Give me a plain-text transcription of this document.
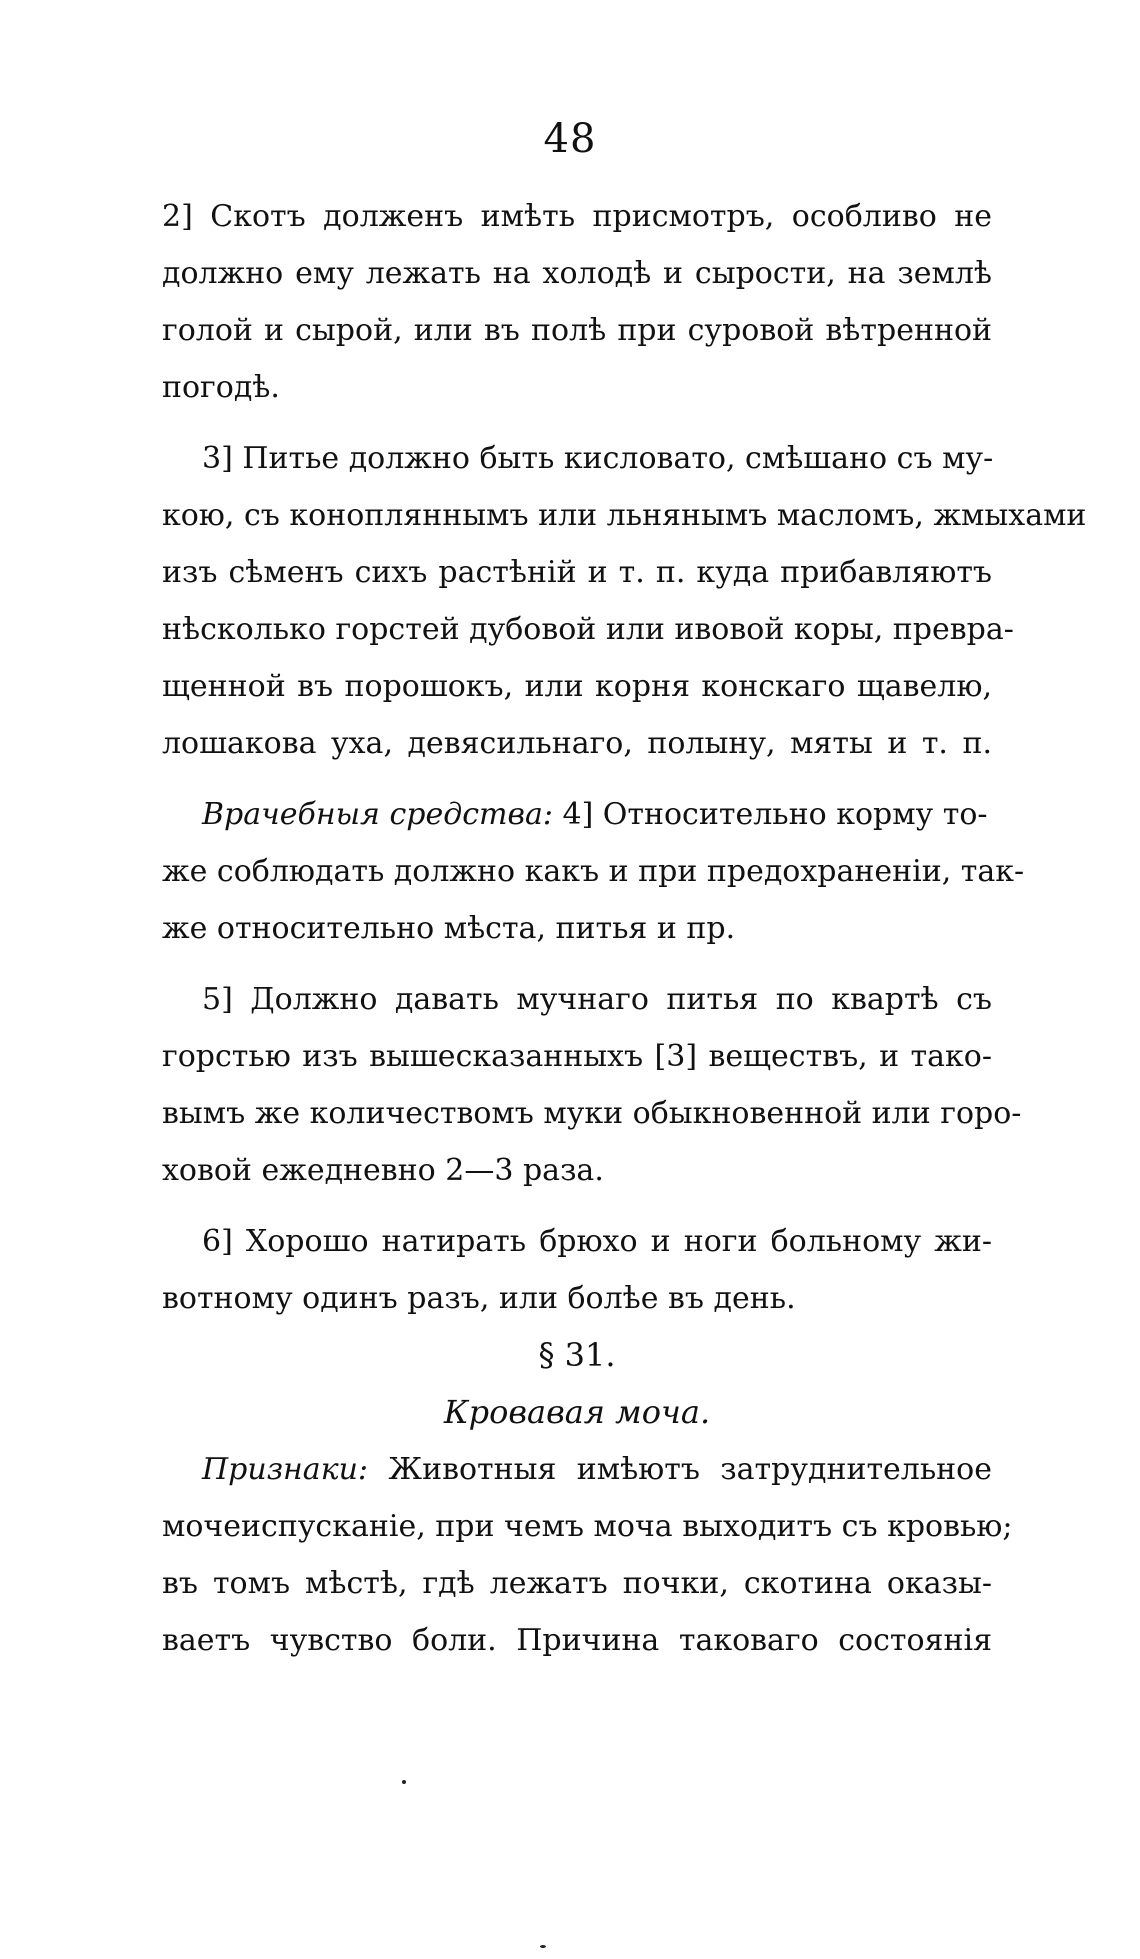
48
2] Скотъ долженъ имѣть присмотръ, особливо не
должно ему лежать на холодѣ и сырости, на землѣ
голой и сырой, или въ полѣ при суровой вѣтренной
погодѣ.
3] Питье должно быть кисловато, смѣшано съ му-
кою, съ конопляннымъ или льнянымъ масломъ, жмыхами
изъ сѣменъ сихъ растѣній и т. п. куда прибавляютъ
нѣсколько горстей дубовой или ивовой коры, превра-
щенной въ порошокъ, или корня конскаго щавелю,
лошакова уха, девясильнаго, полыну, мяты и т. п.
Врачебныя средства: 4] Относительно корму то-
же соблюдать должно какъ и при предохраненіи, так-
же относительно мѣста, питья и пр.
5] Должно давать мучнаго питья по квартѣ съ
горстью изъ вышесказанныхъ [3] веществъ, и тако-
вымъ же количествомъ муки обыкновенной или горо-
ховой ежедневно 2—3 раза.
6] Хорошо натирать брюхо и ноги больному жи-
вотному одинъ разъ, или болѣе въ день.
§ 31.
Кровавая моча.
Признаки: Животныя имѣютъ затруднительное
мочеиспусканіе, при чемъ моча выходитъ съ кровью;
въ томъ мѣстѣ, гдѣ лежатъ почки, скотина оказы-
ваетъ чувство боли. Причина таковаго состоянія
